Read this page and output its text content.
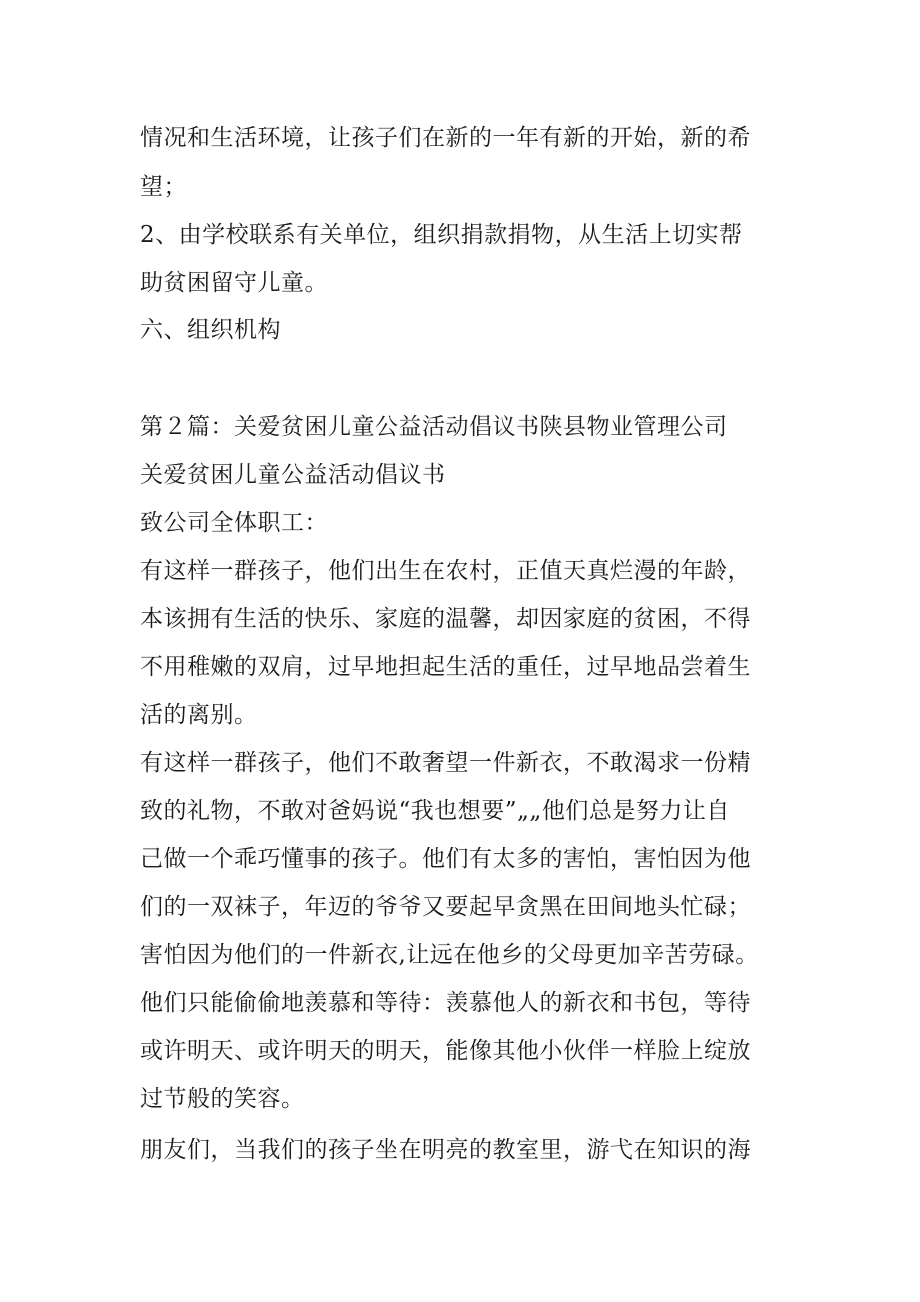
情况和生活环境，让孩子们在新的一年有新的开始，新的希

望；

2、由学校联系有关单位，组织捐款捐物，从生活上切实帮

助贫困留守儿童。

六、组织机构

第２篇：关爱贫困儿童公益活动倡议书陕县物业管理公司

关爱贫困儿童公益活动倡议书

致公司全体职工：

有这样一群孩子，他们出生在农村，正值天真烂漫的年龄，

本该拥有生活的快乐、家庭的温馨，却因家庭的贫困，不得

不用稚嫩的双肩，过早地担起生活的重任，过早地品尝着生

活的离别。

有这样一群孩子，他们不敢奢望一件新衣，不敢渴求一份精

致的礼物，不敢对爸妈说“我也想要”„„他们总是努力让自

己做一个乖巧懂事的孩子。他们有太多的害怕，害怕因为他

们的一双袜子，年迈的爷爷又要起早贪黑在田间地头忙碌；

害怕因为他们的一件新衣,让远在他乡的父母更加辛苦劳碌。

他们只能偷偷地羡慕和等待：羡慕他人的新衣和书包，等待

或许明天、或许明天的明天，能像其他小伙伴一样脸上绽放

过节般的笑容。

朋友们，当我们的孩子坐在明亮的教室里，游弋在知识的海
